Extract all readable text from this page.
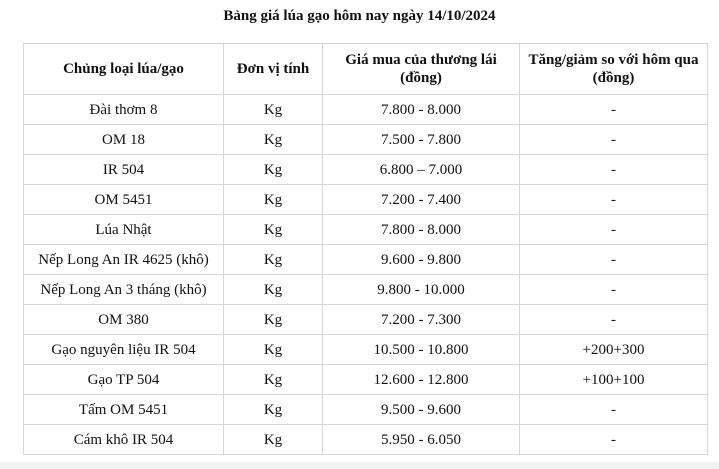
Bảng giá lúa gạo hôm nay ngày 14/10/2024
Chủng loại lúa/gạo	Đơn vị tính	Giá mua của thương lái (đồng)	Tăng/giảm so với hôm qua (đồng)
Đài thơm 8	Kg	7.800 - 8.000	-
OM 18	Kg	7.500 - 7.800	-
IR 504	Kg	6.800 – 7.000	-
OM 5451	Kg	7.200 - 7.400	-
Lúa Nhật	Kg	7.800 - 8.000	-
Nếp Long An IR 4625 (khô)	Kg	9.600 - 9.800	-
Nếp Long An 3 tháng (khô)	Kg	9.800 - 10.000	-
OM 380	Kg	7.200 - 7.300	-
Gạo nguyên liệu IR 504	Kg	10.500 - 10.800	+200+300
Gạo TP 504	Kg	12.600 - 12.800	+100+100
Tấm OM 5451	Kg	9.500 - 9.600	-
Cám khô IR 504	Kg	5.950 - 6.050	-
